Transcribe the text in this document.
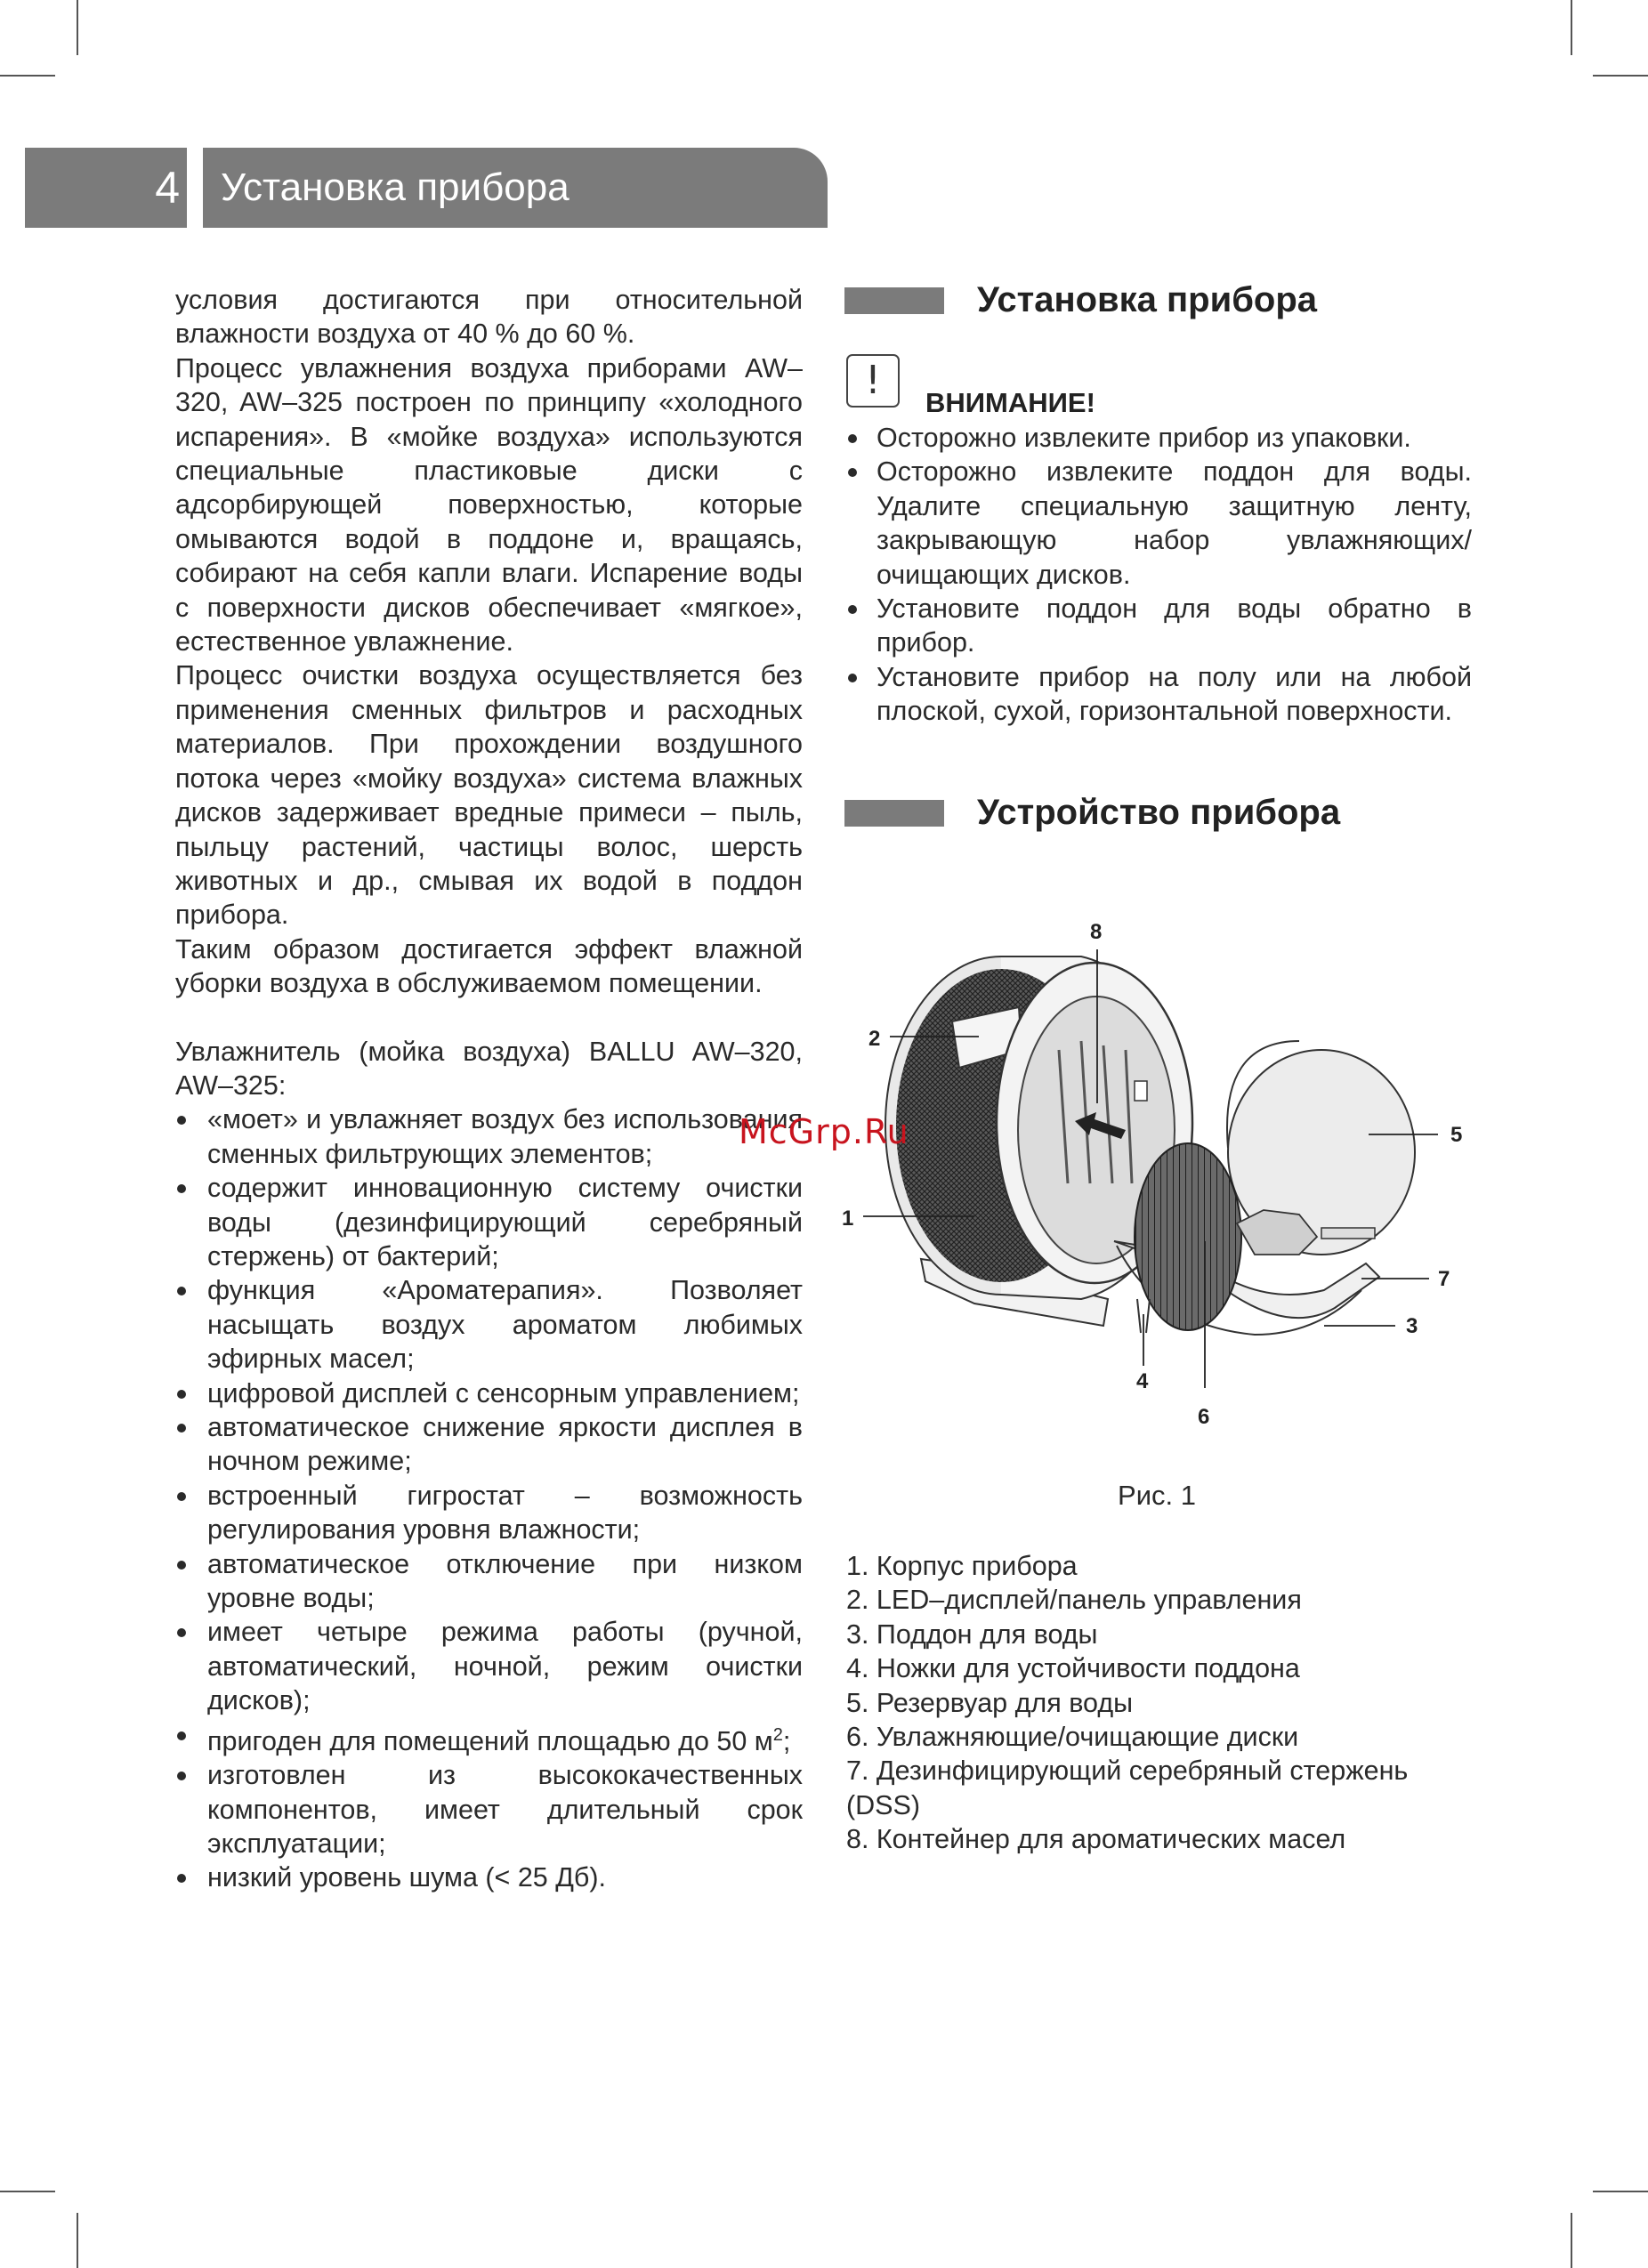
4	Установка прибора

условия достигаются при относительной влажности воздуха от 40 % до 60 %.

Процесс увлажнения воздуха приборами AW–320, AW–325 построен по принципу «холодного испарения». В «мойке воздуха» используются специальные пластиковые диски с адсорбирующей поверхностью, которые омываются водой в поддоне и, вращаясь, собирают на себя капли влаги. Испарение воды с поверхности дисков обеспечивает «мягкое», естественное увлажнение.

Процесс очистки воздуха осуществляется без применения сменных фильтров и расходных материалов. При прохождении воздушного потока через «мойку воздуха» система влажных дисков задерживает вредные примеси – пыль, пыльцу растений, частицы волос, шерсть животных и др., смывая их водой в поддон прибора.

Таким образом достигается эффект влажной уборки воздуха в обслуживаемом помещении.

Увлажнитель (мойка воздуха) BALLU AW–320, AW–325:

«моет» и увлажняет воздух без использования сменных фильтрующих элементов;
содержит инновационную систему очистки воды (дезинфицирующий серебряный стержень) от бактерий;
функция «Ароматерапия». Позволяет насыщать воздух ароматом любимых эфирных масел;
цифровой дисплей с сенсорным управлением;
автоматическое снижение яркости дисплея в ночном режиме;
встроенный гигростат – возможность регулирования уровня влажности;
автоматическое отключение при низком уровне воды;
имеет четыре режима работы (ручной, автоматический, ночной, режим очистки дисков);
пригоден для помещений площадью до 50 $м^2$;
изготовлен из высококачественных компонентов, имеет длительный срок эксплуатации;
низкий уровень шума (< 25 Дб).
Установка прибора
!	ВНИМАНИЕ!
Осторожно извлеките прибор из упаковки.
Осторожно извлеките поддон для воды. Удалите специальную защитную ленту, закрывающую набор увлажняющих/очищающих дисков.
Установите поддон для воды обратно в прибор.
Установите прибор на полу или на любой плоской, сухой, горизонтальной поверхности.
Устройство прибора
2
1
8
5
7
3
4
6
McGrp.Ru
Рис. 1
1. Корпус прибора
2. LED–дисплей/панель управления
3. Поддон для воды
4. Ножки для устойчивости поддона
5. Резервуар для воды
6. Увлажняющие/очищающие диски
7. Дезинфицирующий серебряный стержень (DSS)
8. Контейнер для ароматических масел
